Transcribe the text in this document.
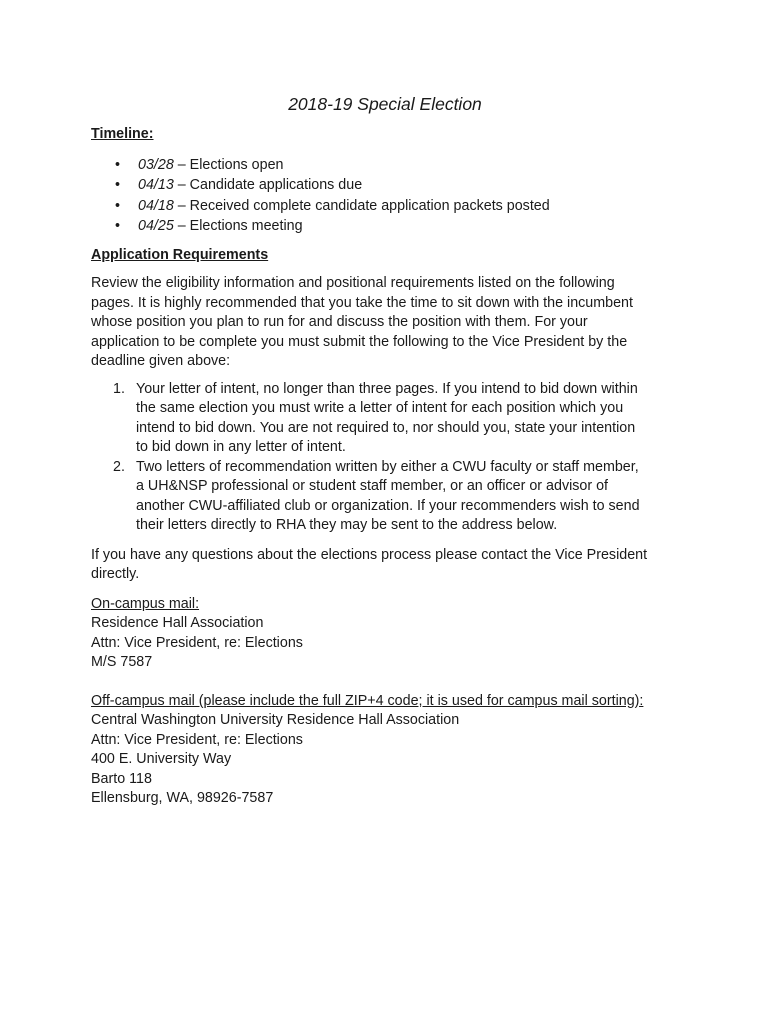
2018-19 Special Election

Timeline:

• 03/28 – Elections open
• 04/13 – Candidate applications due
• 04/18 – Received complete candidate application packets posted
• 04/25 – Elections meeting

Application Requirements

Review the eligibility information and positional requirements listed on the following
pages. It is highly recommended that you take the time to sit down with the incumbent
whose position you plan to run for and discuss the position with them. For your
application to be complete you must submit the following to the Vice President by the
deadline given above:

1. Your letter of intent, no longer than three pages. If you intend to bid down within
the same election you must write a letter of intent for each position which you
intend to bid down. You are not required to, nor should you, state your intention
to bid down in any letter of intent.
2. Two letters of recommendation written by either a CWU faculty or staff member,
a UH&NSP professional or student staff member, or an officer or advisor of
another CWU-affiliated club or organization. If your recommenders wish to send
their letters directly to RHA they may be sent to the address below.

If you have any questions about the elections process please contact the Vice President
directly.

On-campus mail:
Residence Hall Association
Attn: Vice President, re: Elections
M/S 7587
Off-campus mail (please include the full ZIP+4 code; it is used for campus mail sorting):
Central Washington University Residence Hall Association
Attn: Vice President, re: Elections
400 E. University Way
Barto 118
Ellensburg, WA, 98926-7587
